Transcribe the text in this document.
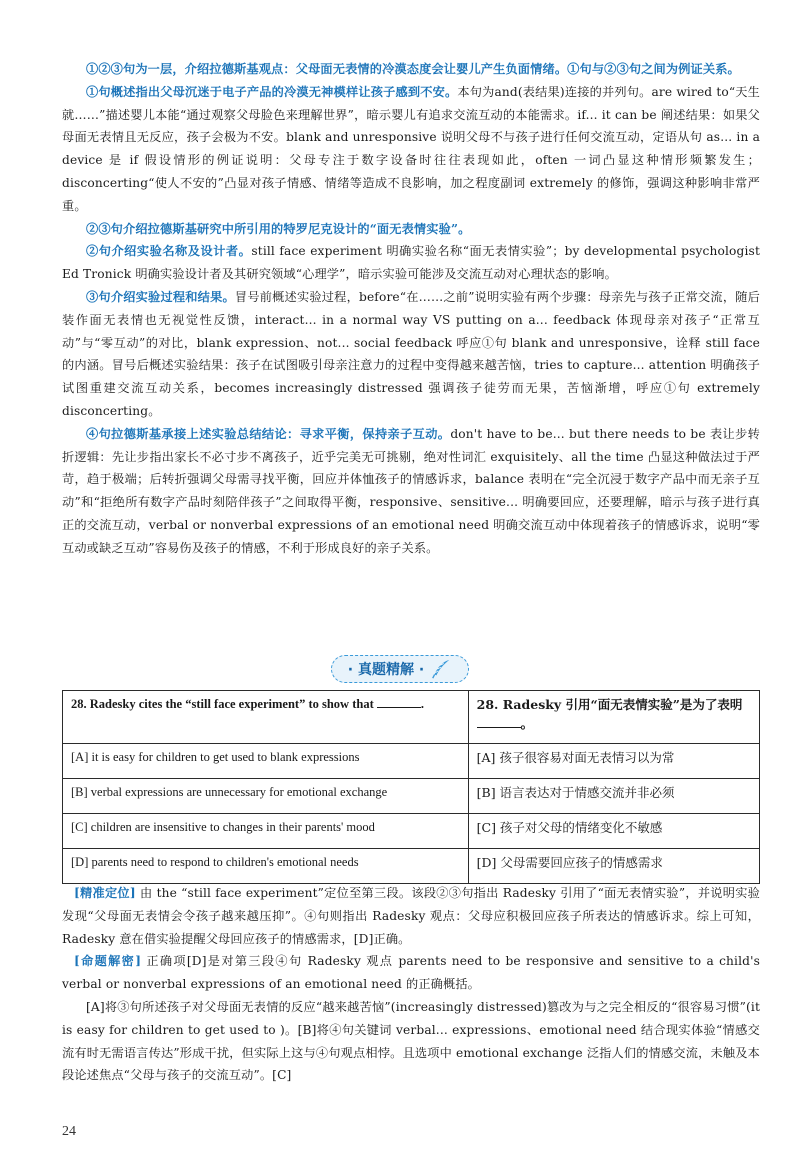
①②③句为一层，介绍拉德斯基观点：父母面无表情的冷漠态度会让婴儿产生负面情绪。①句与②③句之间为例证关系。

①句概述指出父母沉迷于电子产品的冷漠无神模样让孩子感到不安。本句为and(表结果)连接的并列句。are wired to“天生就……”描述婴儿本能“通过观察父母脸色来理解世界”，暗示婴儿有追求交流互动的本能需求。if... it can be 阐述结果：如果父母面无表情且无反应，孩子会极为不安。blank and unresponsive 说明父母不与孩子进行任何交流互动，定语从句 as... in a device 是 if 假设情形的例证说明：父母专注于数字设备时往往表现如此，often 一词凸显这种情形频繁发生；disconcerting“使人不安的”凸显对孩子情感、情绪等造成不良影响，加之程度副词 extremely 的修饰，强调这种影响非常严重。

②③句介绍拉德斯基研究中所引用的特罗尼克设计的“面无表情实验”。

②句介绍实验名称及设计者。still face experiment 明确实验名称“面无表情实验”；by developmental psychologist Ed Tronick 明确实验设计者及其研究领域“心理学”，暗示实验可能涉及交流互动对心理状态的影响。

③句介绍实验过程和结果。冒号前概述实验过程，before“在……之前”说明实验有两个步骤：母亲先与孩子正常交流，随后装作面无表情也无视觉性反馈，interact... in a normal way VS putting on a... feedback 体现母亲对孩子“正常互动”与“零互动”的对比，blank expression、not... social feedback 呼应①句 blank and unresponsive，诠释 still face 的内涵。冒号后概述实验结果：孩子在试图吸引母亲注意力的过程中变得越来越苦恼，tries to capture... attention 明确孩子试图重建交流互动关系，becomes increasingly distressed 强调孩子徒劳而无果，苦恼渐增，呼应①句 extremely disconcerting。

④句拉德斯基承接上述实验总结结论：寻求平衡，保持亲子互动。don't have to be... but there needs to be 表让步转折逻辑：先让步指出家长不必寸步不离孩子，近乎完美无可挑剔，绝对性词汇 exquisitely、all the time 凸显这种做法过于严苛，趋于极端；后转折强调父母需寻找平衡，回应并体恤孩子的情感诉求，balance 表明在“完全沉浸于数字产品中而无亲子互动”和“拒绝所有数字产品时刻陪伴孩子”之间取得平衡，responsive、sensitive... 明确要回应，还要理解，暗示与孩子进行真正的交流互动，verbal or nonverbal expressions of an emotional need 明确交流互动中体现着孩子的情感诉求，说明“零互动或缺乏互动”容易伤及孩子的情感，不利于形成良好的亲子关系。

· 真题精解 ·
28. Radesky cites the “still face experiment” to show that .	28. Radesky 引用“面无表情实验”是为了表明。
[A] it is easy for children to get used to blank expressions	[A] 孩子很容易对面无表情习以为常
[B] verbal expressions are unnecessary for emotional exchange	[B] 语言表达对于情感交流并非必须
[C] children are insensitive to changes in their parents' mood	[C] 孩子对父母的情绪变化不敏感
[D] parents need to respond to children's emotional needs	[D] 父母需要回应孩子的情感需求

[精准定位] 由 the “still face experiment”定位至第三段。该段②③句指出 Radesky 引用了“面无表情实验”，并说明实验发现“父母面无表情会令孩子越来越压抑”。④句则指出 Radesky 观点：父母应积极回应孩子所表达的情感诉求。综上可知，Radesky 意在借实验提醒父母回应孩子的情感需求，[D]正确。

[命题解密] 正确项[D]是对第三段④句 Radesky 观点 parents need to be responsive and sensitive to a child's verbal or nonverbal expressions of an emotional need 的正确概括。

[A]将③句所述孩子对父母面无表情的反应“越来越苦恼”(increasingly distressed)篡改为与之完全相反的“很容易习惯”(it is easy for children to get used to )。[B]将④句关键词 verbal... expressions、emotional need 结合现实体验“情感交流有时无需语言传达”形成干扰，但实际上这与④句观点相悖。且选项中 emotional exchange 泛指人们的情感交流，未触及本段论述焦点“父母与孩子的交流互动”。[C]

24
